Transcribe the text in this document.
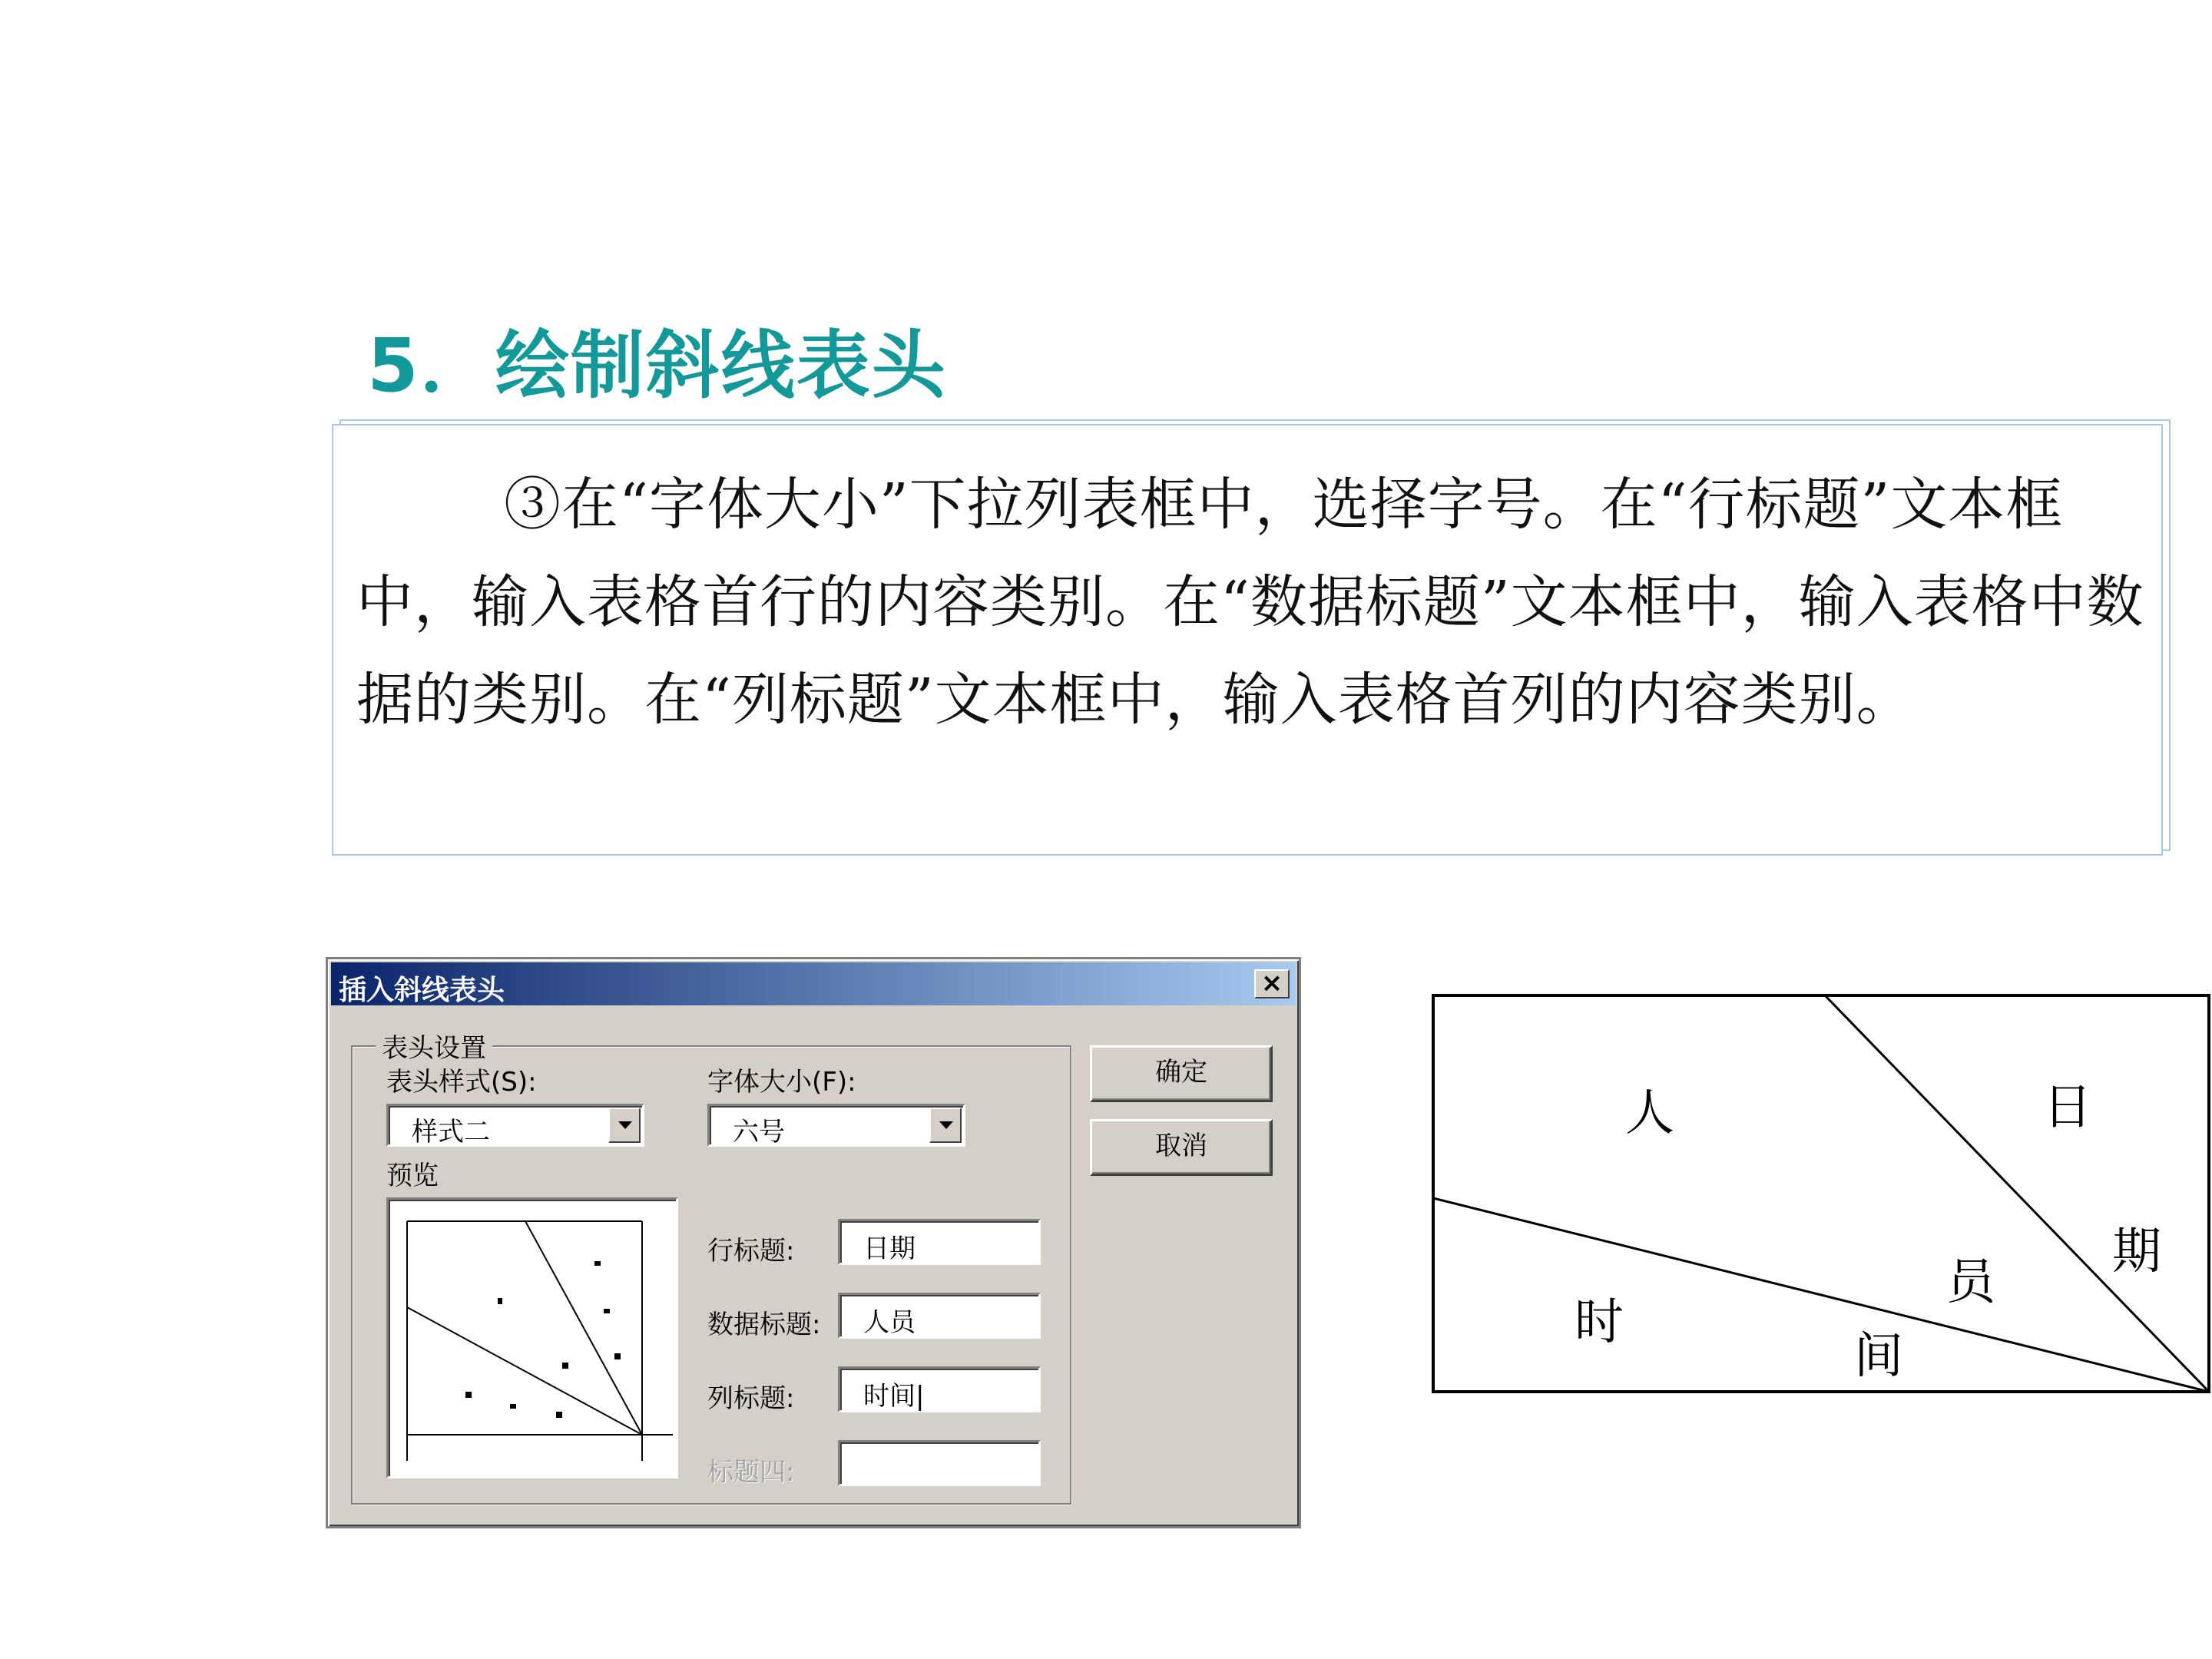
5．绘制斜线表头

③在“字体大小”下拉列表框中，选择字号。在“行标题”文本框中，输入表格首行的内容类别。在“数据标题”文本框中，输入表格中数据的类别。在“列标题”文本框中，输入表格首列的内容类别。

插入斜线表头	×
表头设置
表头样式(S):
样式二
字体大小(F):
六号
预览
行标题:	日期
数据标题: 人员
列标题:	时间|
标题四:
确定
取消
人	日
期
员
时
间
